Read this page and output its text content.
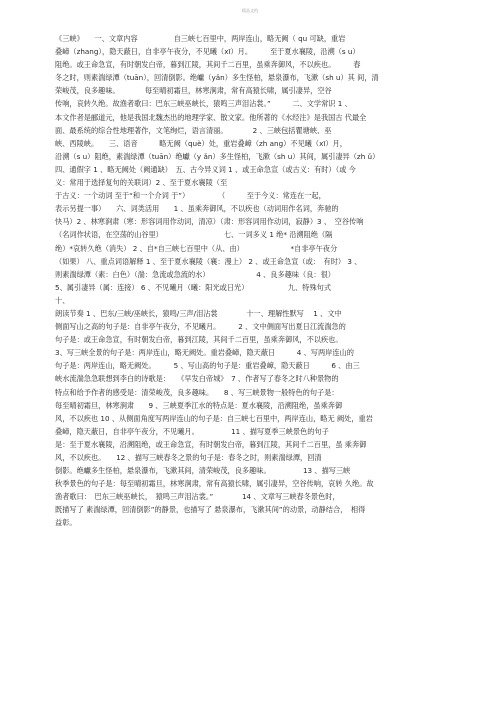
精品文档
《三峡》　　一、文章内容　　　　　自三峡七百里中，两岸连山，略无阙（ qu 可缺，重岩
叠嶂（zhang），隐天蔽日，自非亭午夜分，不见曦（xī）月。　　　至于夏水襄陵，沿溯（s u）
阻绝。或王命急宣，有时朝发白帝，暮到江陵，其间千二百里，虽乘奔御风，不以疾也。　　　春
冬之时，则素湍绿潭（tuān），回清倒影。绝巘（yǎn）多生怪柏，悬泉瀑布，飞漱（sh u）其 间，清
荣峻茂，良多趣味。　　　　每至晴初霜旦，林寒涧肃，常有高猿长啸，属引凄异，空谷
传响，哀转久绝。故渔者歌曰：巴东三峡巫峡长，猿鸣三声泪沾裳。”　　　二、文学常识 1 、
本文作者是郦道元，他是我国北魏杰出的地理学家、散文家。他所著的《水经注》是我国古 代最全
面、最系统的综合性地理著作，文笔绚烂，语言清丽。　　　　2 、三峡包括瞿塘峡、巫
峡、西陵峡。　　三、语音　　　略无阙（què）处，重岩叠嶂（zh ang）不见曦（xī）月，
沿溯（s u）阻绝，素湍绿潭（tuān）绝巘（y ǎn）多生怪柏，飞漱（sh u）其间，属引凄异（zh ǔ）
四、通假字 1 、略无阙处（阙通缺）　五、古今异义词 1 、或王命急宣（或古义：有时）（或 今
义：常用于选择复句的关联词）2 、至于夏水襄陵（至
于古义：一个动词 至于“和一个介词 于”）　　　　　（　　　至于今义：常连在一起，
表示另提一事）　　六、词类活用　　1 、虽乘奔御风，不以疾也（动词用作名词，奔驰的
快马）2 、林寒涧肃（寒：形容词用作动词，清凉）（肃：形容词用作动词，寂静）3 、　空谷传响
（名词作状语，在空荡的山谷里）　　　　　　　　　七、一词多义 1 绝* 沿溯阻绝（隔
绝）*哀转久绝（消失） 2 、自*自三峡七百里中（从、由）　　　　　　　*自非亭午夜分
（如果） 八、重点词语解释 1 、至于夏水襄陵（襄：漫上） 2 、或王命急宣（或：　有时） 3 、
则素湍绿潭（素：白色）（湍：急流或急流的水）　　　　　　　4 、良多趣味（良：很）
5、属引凄异（属：连接） 6 、不见曦月（曦：阳光或日光）　　　　　　九、特殊句式
十、
朗读节奏 1 、巴东/三峡/巫峡长，猿鸣/三声/泪沾裳　　　　十一、理解性默写　 1 、文中
侧面写山之高的句子是：自非亭午夜分，不见曦月。　　　2 、文中侧面写出夏日江流湍急的
句子是：或王命急宣，有时朝发白帝，暮到江陵，其间千二百里，虽乘奔御风，不以疾也。
3、写三峡全景的句子是：两岸连山，略无阙处。重岩叠嶂，隐天蔽日　　　4 、写两岸连山的
句子是：两岸连山，略无阙处。　　　5 、写山高的句子是：重岩叠嶂，隐天蔽日　　　6 、由三
峡水流湍急急联想到李白的诗歌是：　　《早发白帝城》　7 、作者写了春冬之时八种景物的
特点和给予作者的感受是：清荣峻茂，良多趣味。　　8 、写三峡景物一般特色的句子是：
每至晴初霜旦，林寒涧肃　　9 、三峡夏季江水的特点是：夏水襄陵，沿溯阻绝，虽乘奔御
风，不以疾也 10 、从侧面角度写两岸连山的句子是：自三峡七百里中，两岸连山，略无 阙处，重岩
叠嶂，隐天蔽日，自非亭午夜分，不见曦月。　　　　　11 、描写夏季三峡景色的句子
是：至于夏水襄陵，沿溯阻绝，或王命急宣，有时朝发白帝，暮到江陵，其间千二百里，虽 乘奔御
风，不以疾也。　　12 、描写三峡春冬之景的句子是：春冬之时，则素湍绿潭，回清
倒影。绝巘多生怪柏，悬泉瀑布，飞漱其间，清荣峻茂，良多趣味。　　　　　13 、描写三峡
秋季景色的句子是：每至晴初霜旦，林寒涧肃，常有高猿长啸，属引凄异，空谷传响，哀转 久绝。故
渔者歌曰：　巴东三峡巫峡长，　猿鸣三声泪沾裳。”　　　　14 、文章写三峡春冬景色时，
既描写了 素湍绿潭，回清倒影”的静景，也描写了 悬泉瀑布，飞漱其间”的动景，动静结合，　相得
益彰。
